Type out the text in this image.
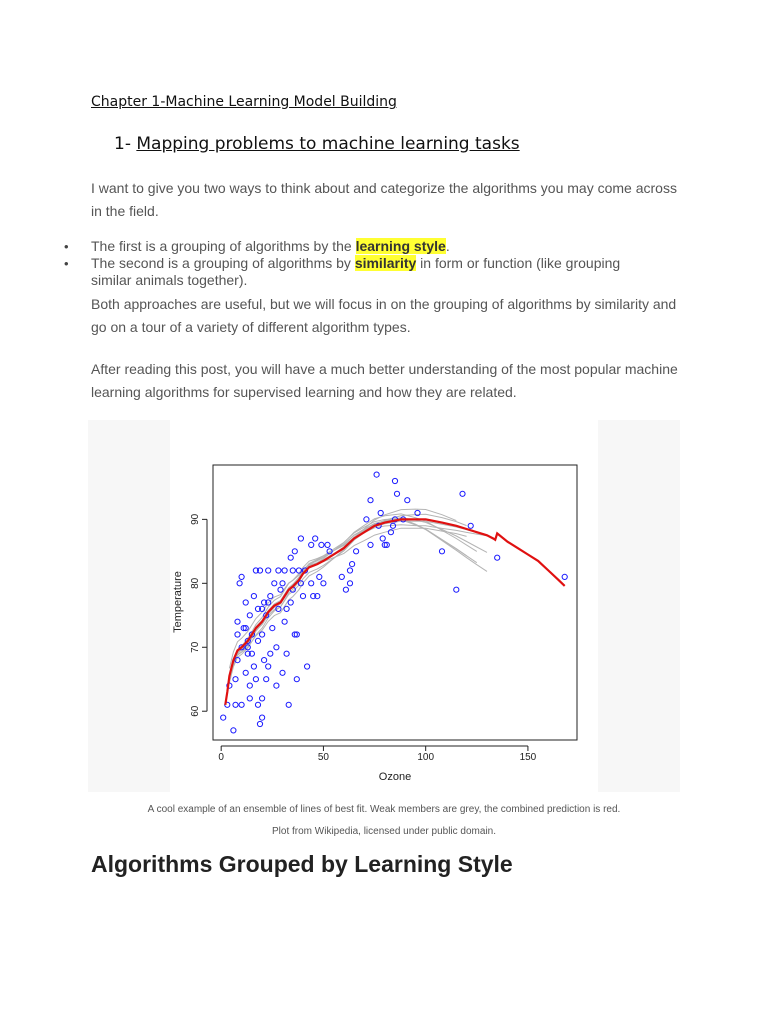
Chapter 1-Machine Learning Model Building
1- Mapping problems to machine learning tasks
I want to give you two ways to think about and categorize the algorithms you may come across in the field.
•	The first is a grouping of algorithms by the learning style.
•	The second is a grouping of algorithms by similarity in form or function (like grouping similar animals together).
Both approaches are useful, but we will focus in on the grouping of algorithms by similarity and go on a tour of a variety of different algorithm types.
After reading this post, you will have a much better understanding of the most popular machine learning algorithms for supervised learning and how they are related.
0	50	100	150
60
70
80
90
Ozone
Temperature
A cool example of an ensemble of lines of best fit. Weak members are grey, the combined prediction is red.
Plot from Wikipedia, licensed under public domain.
Algorithms Grouped by Learning Style
